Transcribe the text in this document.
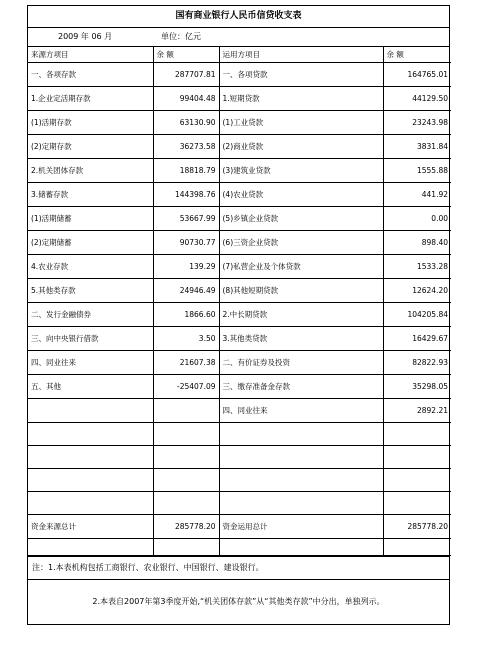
国有商业银行人民币信贷收支表
2009 年 06 月	单位：亿元
来源方项目	余 额	运用方项目	余 额
一、各项存款	287707.81	一、各项贷款	164765.01
1.企业定活期存款	99404.48	1.短期贷款	44129.50
(1)活期存款	63130.90	(1)工业贷款	23243.98
(2)定期存款	36273.58	(2)商业贷款	3831.84
2.机关团体存款	18818.79	(3)建筑业贷款	1555.88
3.储蓄存款	144398.76	(4)农业贷款	441.92
(1)活期储蓄	53667.99	(5)乡镇企业贷款	0.00
(2)定期储蓄	90730.77	(6)三资企业贷款	898.40
4.农业存款	139.29	(7)私营企业及个体贷款	1533.28
5.其他类存款	24946.49	(8)其他短期贷款	12624.20
二、发行金融债券	1866.60	2.中长期贷款	104205.84
三、向中央银行借款	3.50	3.其他类贷款	16429.67
四、同业往来	21607.38	二、有价证券及投资	82822.93
五、其他	-25407.09	三、缴存准备金存款	35298.05
		四、同业往来	2892.21

资金来源总计	285778.20	资金运用总计	285778.20

注：1.本表机构包括工商银行、农业银行、中国银行、建设银行。
2.本表自2007年第3季度开始,“机关团体存款”从“其他类存款”中分出，单独列示。
